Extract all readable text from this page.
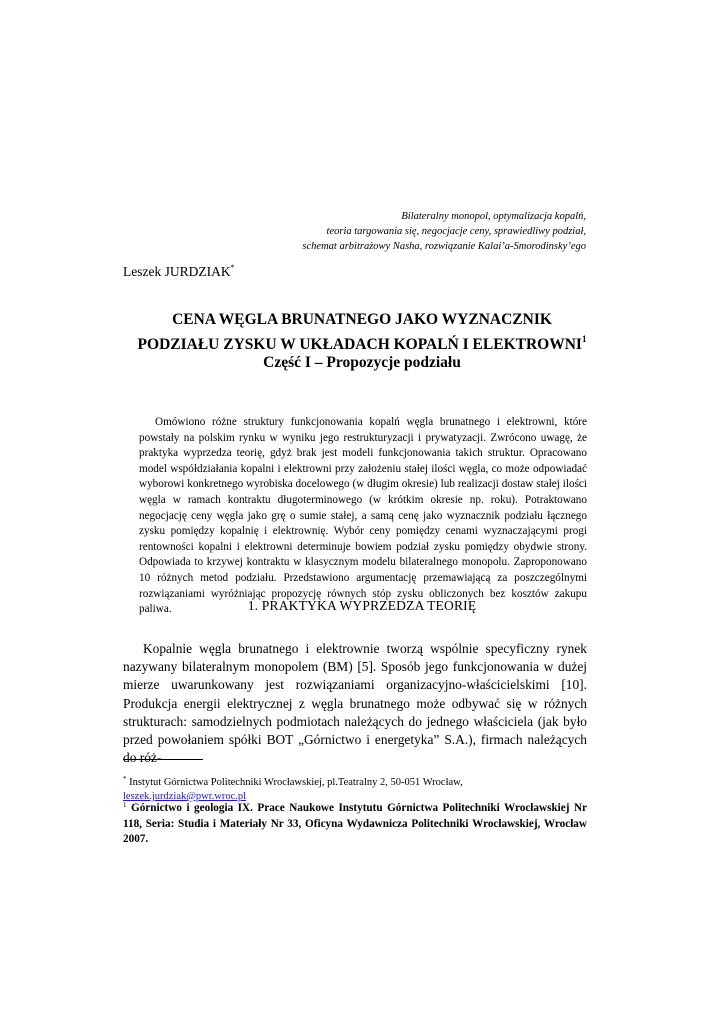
Bilateralny monopol, optymalizacja kopalń,
teoria targowania się, negocjacje ceny, sprawiedliwy podział,
schemat arbitrażowy Nasha, rozwiązanie Kalai’a-Smorodinsky’ego
Leszek JURDZIAK*
CENA WĘGLA BRUNATNEGO JAKO WYZNACZNIK
PODZIAŁU ZYSKU W UKŁADACH KOPALŃ I ELEKTROWNI$^1$
Część I – Propozycje podziału

Omówiono różne struktury funkcjonowania kopalń węgla brunatnego i elektrowni, które powstały na polskim rynku w wyniku jego restrukturyzacji i prywatyzacji. Zwrócono uwagę, że praktyka wyprzedza teorię, gdyż brak jest modeli funkcjonowania takich struktur. Opracowano model współdziałania kopalni i elektrowni przy założeniu stałej ilości węgla, co może odpowiadać wyborowi konkretnego wyrobiska docelowego (w długim okresie) lub realizacji dostaw stałej ilości węgla w ramach kontraktu długoterminowego (w krótkim okresie np. roku). Potraktowano negocjację ceny węgla jako grę o sumie stałej, a samą cenę jako wyznacznik podziału łącznego zysku pomiędzy kopalnię i elektrownię. Wybór ceny pomiędzy cenami wyznaczającymi progi rentowności kopalni i elektrowni determinuje bowiem podział zysku pomiędzy obydwie strony. Odpowiada to krzywej kontraktu w klasycznym modelu bilateralnego monopolu. Zaproponowano 10 różnych metod podziału. Przedstawiono argumentację przemawiającą za poszczególnymi rozwiązaniami wyróżniając propozycję równych stóp zysku obliczonych bez kosztów zakupu paliwa.	1. PRAKTYKA WYPRZEDZA TEORIĘ

Kopalnie węgla brunatnego i elektrownie tworzą wspólnie specyficzny rynek nazywany bilateralnym monopolem (BM) [5]. Sposób jego funkcjonowania w dużej mierze uwarunkowany jest rozwiązaniami organizacyjno-właścicielskimi [10]. Produkcja energii elektrycznej z węgla brunatnego może odbywać się w różnych strukturach: samodzielnych podmiotach należących do jednego właściciela (jak było przed powołaniem spółki BOT „Górnictwo i energetyka” S.A.), firmach należących do róż-

* Instytut Górnictwa Politechniki Wrocławskiej, pl.Teatralny 2, 50-051 Wrocław,
leszek.jurdziak@pwr.wroc.pl
$^1$ Górnictwo i geologia IX. Prace Naukowe Instytutu Górnictwa Politechniki Wrocławskiej Nr 118, Seria: Studia i Materiały Nr 33, Oficyna Wydawnicza Politechniki Wrocławskiej, Wrocław 2007.
